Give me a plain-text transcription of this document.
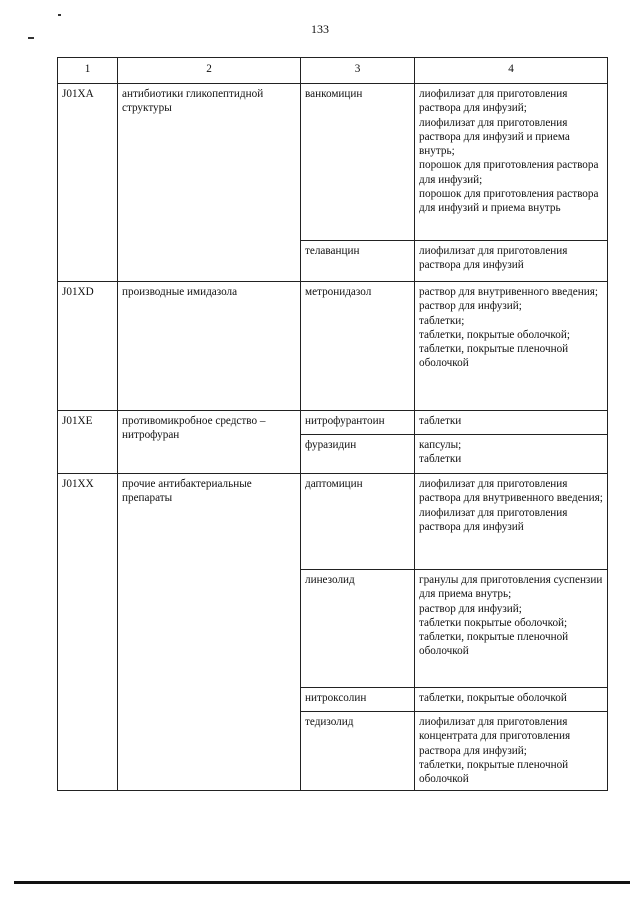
133
1	2	3	4
J01XA	антибиотики гликопептидной структуры	ванкомицин	лиофилизат для приготовления раствора для инфузий;
лиофилизат для приготовления раствора для инфузий и приема внутрь;
порошок для приготовления раствора для инфузий;
порошок для приготовления раствора для инфузий и приема внутрь

		телаванцин	лиофилизат для приготовления раствора для инфузий

J01XD	производные имидазола	метронидазол	раствор для внутривенного введения;
раствор для инфузий;
таблетки;
таблетки, покрытые оболочкой;
таблетки, покрытые пленочной оболочкой

J01XE	противомикробное средство – нитрофуран	нитрофурантоин	таблетки

		фуразидин	капсулы;
таблетки

J01XX	прочие антибактериальные препараты	даптомицин	лиофилизат для приготовления раствора для внутривенного введения;
лиофилизат для приготовления раствора для инфузий

		линезолид	гранулы для приготовления суспензии для приема внутрь;
раствор для инфузий;
таблетки покрытые оболочкой;
таблетки, покрытые пленочной оболочкой

		нитроксолин	таблетки, покрытые оболочкой

		тедизолид	лиофилизат для приготовления концентрата для приготовления раствора для инфузий;
таблетки, покрытые пленочной оболочкой
